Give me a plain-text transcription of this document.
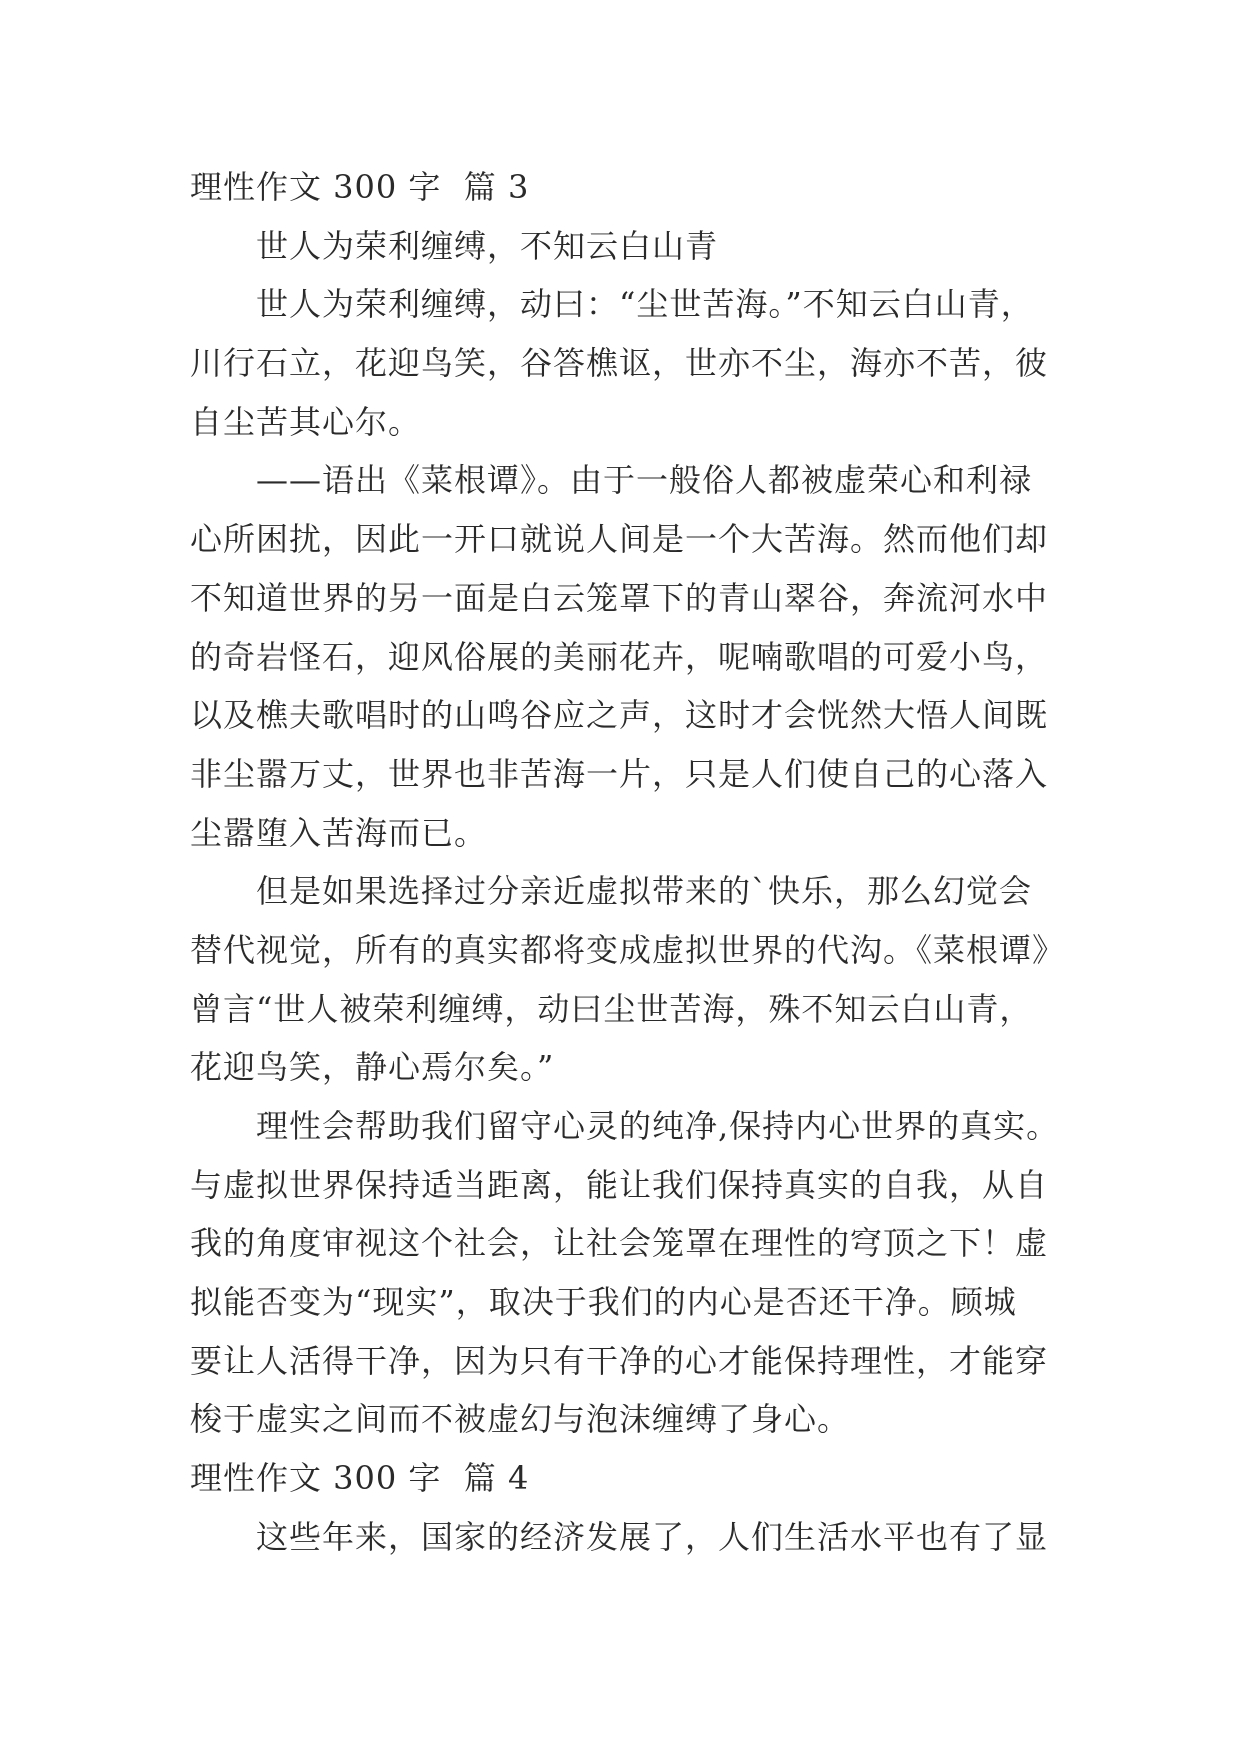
理性作文 300 字  篇 3
世人为荣利缠缚，不知云白山青
世人为荣利缠缚，动曰：“尘世苦海。”不知云白山青，
川行石立，花迎鸟笑，谷答樵讴，世亦不尘，海亦不苦，彼
自尘苦其心尔。
——语出《菜根谭》。由于一般俗人都被虚荣心和利禄
心所困扰，因此一开口就说人间是一个大苦海。然而他们却
不知道世界的另一面是白云笼罩下的青山翠谷，奔流河水中
的奇岩怪石，迎风俗展的美丽花卉，呢喃歌唱的可爱小鸟，
以及樵夫歌唱时的山鸣谷应之声，这时才会恍然大悟人间既
非尘嚣万丈，世界也非苦海一片，只是人们使自己的心落入
尘嚣堕入苦海而已。
但是如果选择过分亲近虚拟带来的`快乐，那么幻觉会
替代视觉，所有的真实都将变成虚拟世界的代沟。《菜根谭》
曾言“世人被荣利缠缚，动曰尘世苦海，殊不知云白山青，
花迎鸟笑，静心焉尔矣。”
理性会帮助我们留守心灵的纯净,保持内心世界的真实。
与虚拟世界保持适当距离，能让我们保持真实的自我，从自
我的角度审视这个社会，让社会笼罩在理性的穹顶之下！虚
拟能否变为“现实”，取决于我们的内心是否还干净。顾城
要让人活得干净，因为只有干净的心才能保持理性，才能穿
梭于虚实之间而不被虚幻与泡沫缠缚了身心。
理性作文 300 字  篇 4
这些年来，国家的经济发展了，人们生活水平也有了显
